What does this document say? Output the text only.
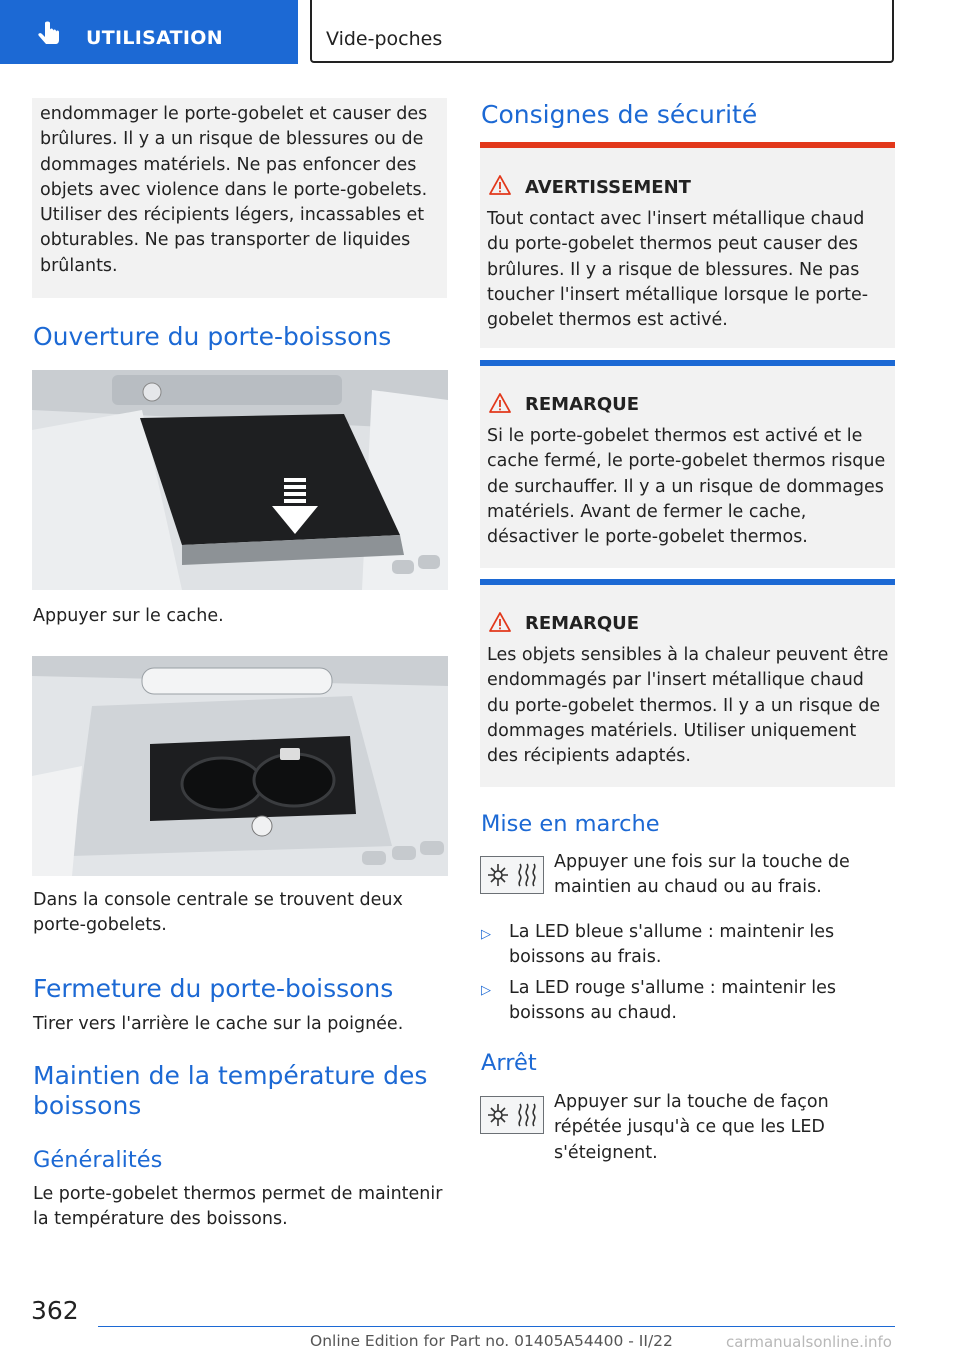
UTILISATION	Vide-poches

endommager le porte-gobelet et causer des brûlures. Il y a un risque de blessures ou de dommages matériels. Ne pas enfoncer des objets avec violence dans le porte-gobelets. Utiliser des récipients légers, incassables et obturables. Ne pas transporter de liquides brûlants.

Ouverture du porte-boissons

Appuyer sur le cache.

Dans la console centrale se trouvent deux porte-gobelets.

Fermeture du porte-boissons

Tirer vers l'arrière le cache sur la poignée.

Maintien de la température des boissons
Généralités

Le porte-gobelet thermos permet de maintenir la température des boissons.

Consignes de sécurité
AVERTISSEMENT

Tout contact avec l'insert métallique chaud du porte-gobelet thermos peut causer des brûlures. Il y a risque de blessures. Ne pas toucher l'insert métallique lorsque le porte-gobelet thermos est activé.

REMARQUE

Si le porte-gobelet thermos est activé et le cache fermé, le porte-gobelet thermos risque de surchauffer. Il y a un risque de dommages matériels. Avant de fermer le cache, désactiver le porte-gobelet thermos.

REMARQUE

Les objets sensibles à la chaleur peuvent être endommagés par l'insert métallique chaud du porte-gobelet thermos. Il y a un risque de dommages matériels. Utiliser uniquement des récipients adaptés.

Mise en marche

Appuyer une fois sur la touche de maintien au chaud ou au frais.

▷ La LED bleue s'allume : maintenir les boissons au frais.

▷ La LED rouge s'allume : maintenir les boissons au chaud.

Arrêt

Appuyer sur la touche de façon répétée jusqu'à ce que les LED s'éteignent.

362
Online Edition for Part no. 01405A54400 - II/22	carmanualsonline.info
